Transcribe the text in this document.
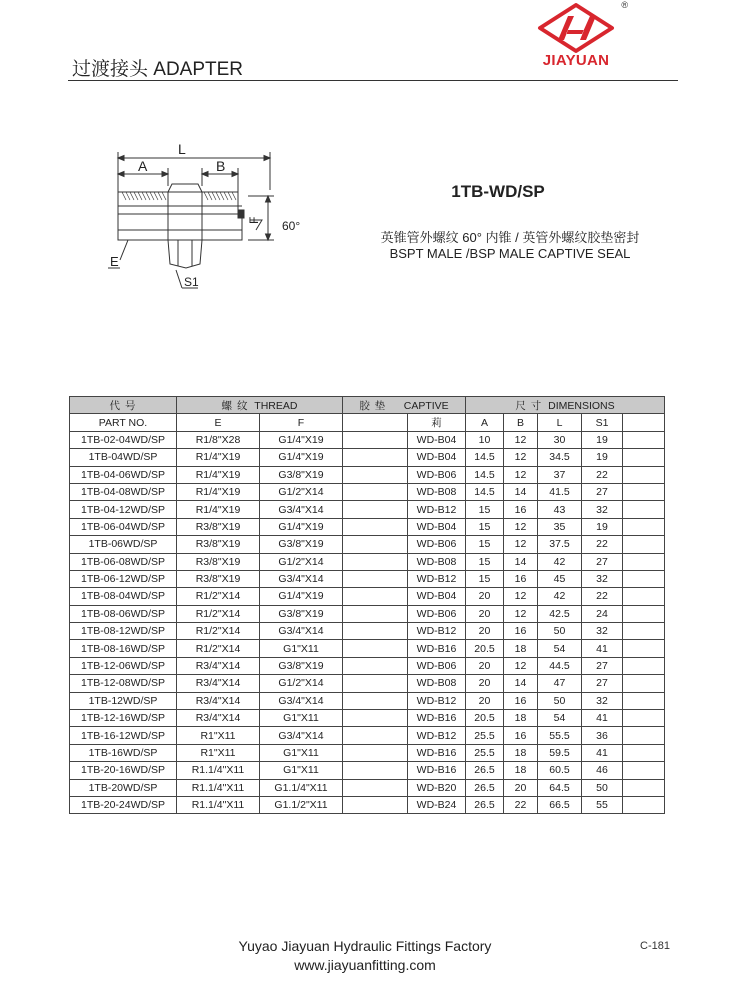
过渡接头 ADAPTER
®
JIAYUAN
L
A	B
F 60°
E
S1
1TB-WD/SP
英锥管外螺纹 60° 内锥 / 英管外螺纹胶垫密封
BSPT MALE /BSP MALE CAPTIVE SEAL
代 号	螺 纹 THREAD		胶 垫 CAPTIVE		尺 寸 DIMENSIONS				
PART NO.	E	F		莉	A	B	L	S1	
1TB-02-04WD/SP	R1/8"X28	G1/4"X19		WD-B04	10	12	30	19	
1TB-04WD/SP	R1/4"X19	G1/4"X19		WD-B04	14.5	12	34.5	19	
1TB-04-06WD/SP	R1/4"X19	G3/8"X19		WD-B06	14.5	12	37	22	
1TB-04-08WD/SP	R1/4"X19	G1/2"X14		WD-B08	14.5	14	41.5	27	
1TB-04-12WD/SP	R1/4"X19	G3/4"X14		WD-B12	15	16	43	32	
1TB-06-04WD/SP	R3/8"X19	G1/4"X19		WD-B04	15	12	35	19	
1TB-06WD/SP	R3/8"X19	G3/8"X19		WD-B06	15	12	37.5	22	
1TB-06-08WD/SP	R3/8"X19	G1/2"X14		WD-B08	15	14	42	27	
1TB-06-12WD/SP	R3/8"X19	G3/4"X14		WD-B12	15	16	45	32	
1TB-08-04WD/SP	R1/2"X14	G1/4"X19		WD-B04	20	12	42	22	
1TB-08-06WD/SP	R1/2"X14	G3/8"X19		WD-B06	20	12	42.5	24	
1TB-08-12WD/SP	R1/2"X14	G3/4"X14		WD-B12	20	16	50	32	
1TB-08-16WD/SP	R1/2"X14	G1"X11		WD-B16	20.5	18	54	41	
1TB-12-06WD/SP	R3/4"X14	G3/8"X19		WD-B06	20	12	44.5	27	
1TB-12-08WD/SP	R3/4"X14	G1/2"X14		WD-B08	20	14	47	27	
1TB-12WD/SP	R3/4"X14	G3/4"X14		WD-B12	20	16	50	32	
1TB-12-16WD/SP	R3/4"X14	G1"X11		WD-B16	20.5	18	54	41	
1TB-16-12WD/SP	R1"X11	G3/4"X14		WD-B12	25.5	16	55.5	36	
1TB-16WD/SP	R1"X11	G1"X11		WD-B16	25.5	18	59.5	41	
1TB-20-16WD/SP	R1.1/4"X11	G1"X11		WD-B16	26.5	18	60.5	46	
1TB-20WD/SP	R1.1/4"X11	G1.1/4"X11		WD-B20	26.5	20	64.5	50	
1TB-20-24WD/SP	R1.1/4"X11	G1.1/2"X11		WD-B24	26.5	22	66.5	55	
Yuyao Jiayuan Hydraulic Fittings Factory
www.jiayuanfitting.com
C-181
